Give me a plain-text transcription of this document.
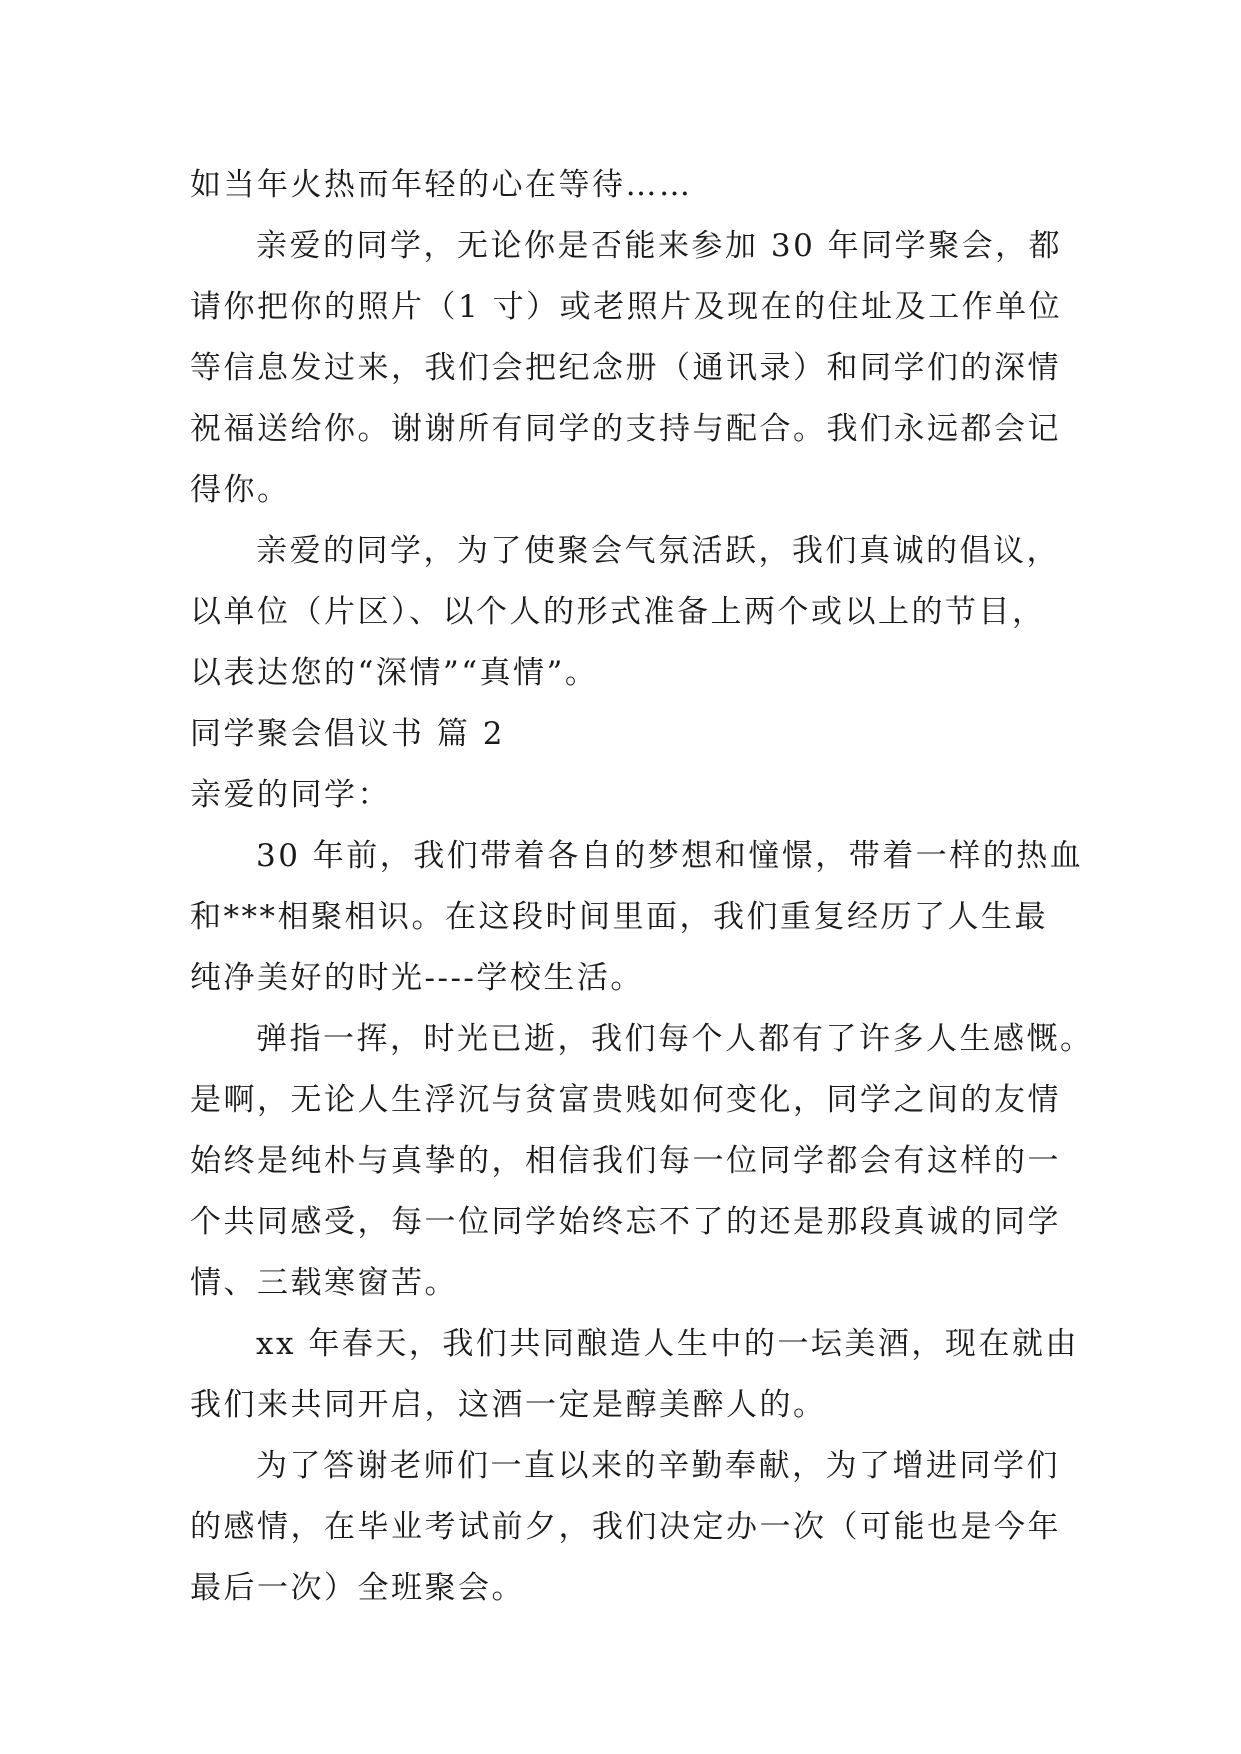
如当年火热而年轻的心在等待……
亲爱的同学，无论你是否能来参加 30 年同学聚会，都
请你把你的照片（1 寸）或老照片及现在的住址及工作单位
等信息发过来，我们会把纪念册（通讯录）和同学们的深情
祝福送给你。谢谢所有同学的支持与配合。我们永远都会记
得你。
亲爱的同学，为了使聚会气氛活跃，我们真诚的倡议，
以单位（片区）、以个人的形式准备上两个或以上的节目，
以表达您的“深情”“真情”。
同学聚会倡议书 篇 2
亲爱的同学：
30 年前，我们带着各自的梦想和憧憬，带着一样的热血
和***相聚相识。在这段时间里面，我们重复经历了人生最
纯净美好的时光----学校生活。
弹指一挥，时光已逝，我们每个人都有了许多人生感慨。
是啊，无论人生浮沉与贫富贵贱如何变化，同学之间的友情
始终是纯朴与真挚的，相信我们每一位同学都会有这样的一
个共同感受，每一位同学始终忘不了的还是那段真诚的同学
情、三载寒窗苦。
xx 年春天，我们共同酿造人生中的一坛美酒，现在就由
我们来共同开启，这酒一定是醇美醉人的。
为了答谢老师们一直以来的辛勤奉献，为了增进同学们
的感情，在毕业考试前夕，我们决定办一次（可能也是今年
最后一次）全班聚会。
